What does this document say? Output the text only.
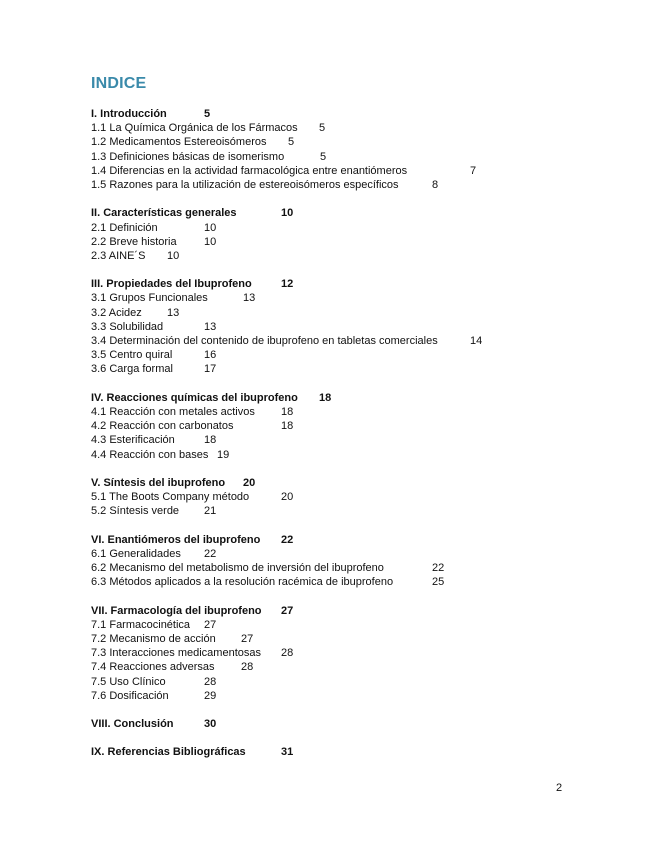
INDICE
I. Introducción	5
1.1 La Química Orgánica de los Fármacos 5
1.2 Medicamentos Estereoisómeros 5
1.3 Definiciones básicas de isomerismo	5
1.4 Diferencias en la actividad farmacológica entre enantiómeros	7
1.5 Razones para la utilización de estereoisómeros específicos	8
II. Características generales	10
2.1 Definición	10
2.2 Breve historia 10
2.3 AINE´S 10
III. Propiedades del Ibuprofeno	12
3.1 Grupos Funcionales	13
3.2 Acidez 13
3.3 Solubilidad	13
3.4 Determinación del contenido de ibuprofeno en tabletas comerciales	14
3.5 Centro quiral	16
3.6 Carga formal	17
IV. Reacciones químicas del ibuprofeno 18
4.1 Reacción con metales activos 18
4.2 Reacción con carbonatos	18
4.3 Esterificación	18
4.4 Reacción con bases 19
V. Síntesis del ibuprofeno 20
5.1 The Boots Company método	20
5.2 Síntesis verde 21
VI. Enantiómeros del ibuprofeno 22
6.1 Generalidades 22
6.2 Mecanismo del metabolismo de inversión del ibuprofeno	22
6.3 Métodos aplicados a la resolución racémica de ibuprofeno	25
VII. Farmacología del ibuprofeno 27
7.1 Farmacocinética 27
7.2 Mecanismo de acción 27
7.3 Interacciones medicamentosas 28
7.4 Reacciones adversas 28
7.5 Uso Clínico	28
7.6 Dosificación	29
VIII. Conclusión	30
IX. Referencias Bibliográficas	31
2
